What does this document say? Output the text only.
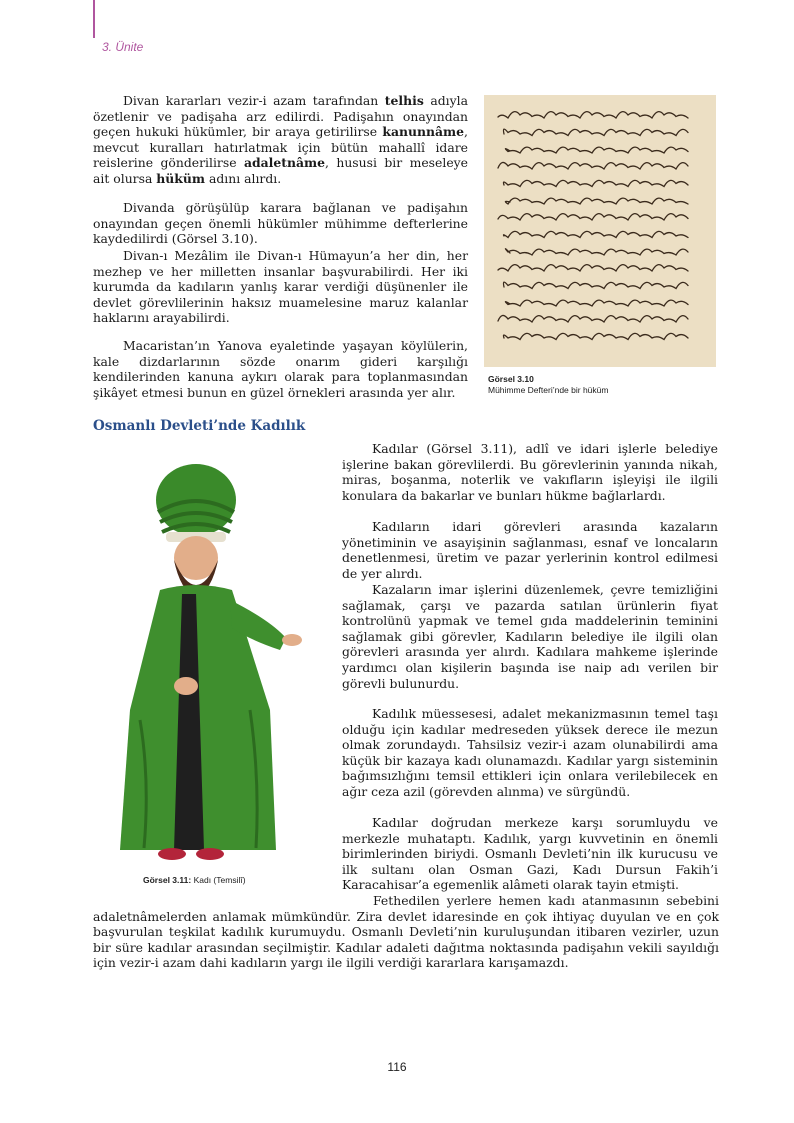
3. Ünite

Divan kararları vezir-i azam tarafından telhis adıyla özetlenir ve padişaha arz edilirdi. Padişahın onayından geçen hukuki hükümler, bir araya getirilirse kanunnâme, mevcut kuralları hatırlatmak için bütün mahallî idare reislerine gönderilirse adaletnâme, hususi bir meseleye ait olursa hüküm adını alırdı.

Divanda görüşülüp karara bağlanan ve padişahın onayından geçen önemli hükümler mühimme defterlerine kaydedilirdi (Görsel 3.10).

Divan-ı Mezâlim ile Divan-ı Hümayun’a her din, her mezhep ve her milletten insanlar başvurabilirdi. Her iki kurumda da kadıların yanlış karar verdiği düşünenler ile devlet görevlilerinin haksız muamelesine maruz kalanlar haklarını arayabilirdi.

Macaristan’ın Yanova eyaletinde yaşayan köylülerin, kale dizdarlarının sözde onarım gideri karşılığı kendilerinden kanuna aykırı olarak para toplanmasından şikâyet etmesi bunun en güzel örnekleri arasında yer alır.

Görsel 3.10
Mühimme Defteri’nde bir hüküm
Osmanlı Devleti’nde Kadılık
Görsel 3.11: Kadı (Temsilî)

Kadılar (Görsel 3.11), adlî ve idari işlerle belediye işlerine bakan görevlilerdi. Bu görevlerinin yanında nikah, miras, boşanma, noterlik ve vakıfların işleyişi ile ilgili konulara da bakarlar ve bunları hükme bağlarlardı.

Kadıların idari görevleri arasında kazaların yönetiminin ve asayişinin sağlanması, esnaf ve loncaların denetlenmesi, üretim ve pazar yerlerinin kontrol edilmesi de yer alırdı.

Kazaların imar işlerini düzenlemek, çevre temizliğini sağlamak, çarşı ve pazarda satılan ürünlerin fiyat kontrolünü yapmak ve temel gıda maddelerinin teminini sağlamak gibi görevler, Kadıların belediye ile ilgili olan görevleri arasında yer alırdı. Kadılara mahkeme işlerinde yardımcı olan kişilerin başında ise naip adı verilen bir görevli bulunurdu.

Kadılık müessesesi, adalet mekanizmasının temel taşı olduğu için kadılar medreseden yüksek derece ile mezun olmak zorundaydı. Tahsilsiz vezir-i azam olunabilirdi ama küçük bir kazaya kadı olunamazdı. Kadılar yargı sisteminin bağımsızlığını temsil ettikleri için onlara verilebilecek en ağır ceza azil (görevden alınma) ve sürgündü.

Kadılar doğrudan merkeze karşı sorumluydu ve merkezle muhataptı. Kadılık, yargı kuvvetinin en önemli birimlerinden biriydi. Osmanlı Devleti’nin ilk kurucusu ve ilk sultanı olan Osman Gazi, Kadı Dursun Fakih’i Karacahisar’a egemenlik alâmeti olarak tayin etmişti.

Fethedilen yerlere hemen kadı atanmasının sebebini adaletnâmelerden anlamak mümkündür. Zira devlet idaresinde en çok ihtiyaç duyulan ve en çok başvurulan teşkilat kadılık kurumuydu. Osmanlı Devleti’nin kuruluşundan itibaren vezirler, uzun bir süre kadılar arasından seçilmiştir. Kadılar adaleti dağıtma noktasında padişahın vekili sayıldığı için vezir-i azam dahi kadıların yargı ile ilgili verdiği kararlara karışamazdı.

116
